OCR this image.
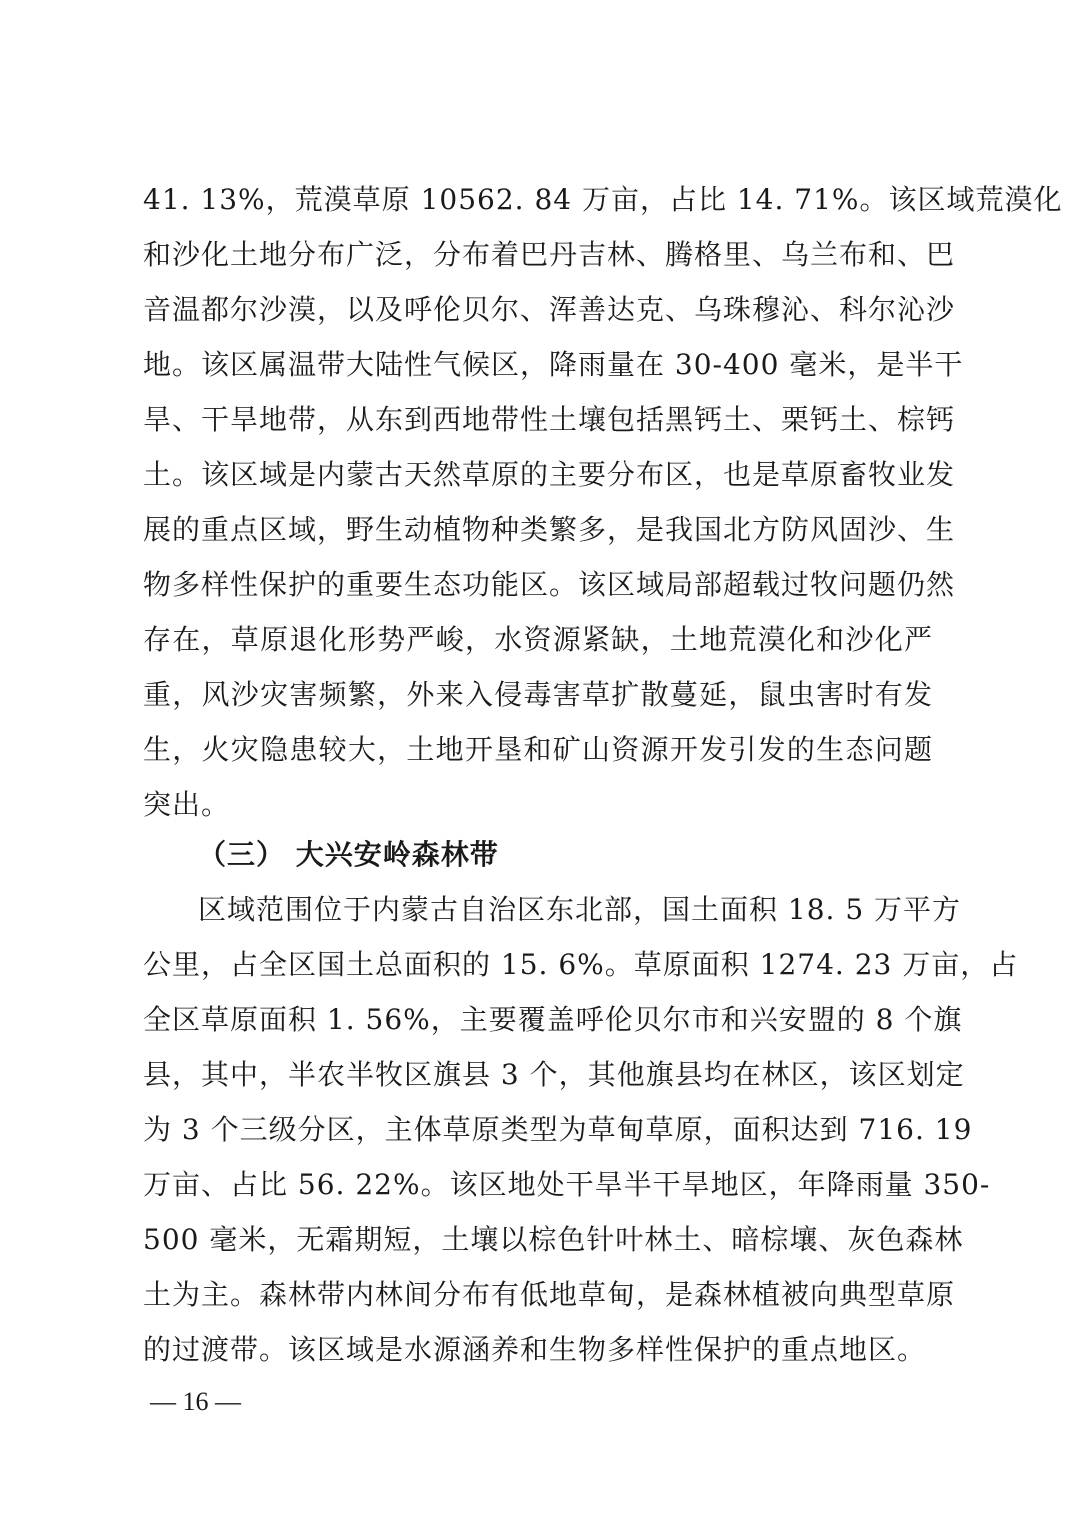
41. 13%，荒漠草原 10562. 84 万亩，占比 14. 71%。该区域荒漠化
和沙化土地分布广泛，分布着巴丹吉林、腾格里、乌兰布和、巴
音温都尔沙漠，以及呼伦贝尔、浑善达克、乌珠穆沁、科尔沁沙
地。该区属温带大陆性气候区，降雨量在 30-400 毫米，是半干
旱、干旱地带，从东到西地带性土壤包括黑钙土、栗钙土、棕钙
土。该区域是内蒙古天然草原的主要分布区，也是草原畜牧业发
展的重点区域，野生动植物种类繁多，是我国北方防风固沙、生
物多样性保护的重要生态功能区。该区域局部超载过牧问题仍然
存在，草原退化形势严峻，水资源紧缺，土地荒漠化和沙化严
重，风沙灾害频繁，外来入侵毒害草扩散蔓延，鼠虫害时有发
生，火灾隐患较大，土地开垦和矿山资源开发引发的生态问题
突出。
（三） 大兴安岭森林带
区域范围位于内蒙古自治区东北部，国土面积 18. 5 万平方
公里，占全区国土总面积的 15. 6%。草原面积 1274. 23 万亩，占
全区草原面积 1. 56%，主要覆盖呼伦贝尔市和兴安盟的 8 个旗
县，其中，半农半牧区旗县 3 个，其他旗县均在林区，该区划定
为 3 个三级分区，主体草原类型为草甸草原，面积达到 716. 19
万亩、占比 56. 22%。该区地处干旱半干旱地区，年降雨量 350-
500 毫米，无霜期短，土壤以棕色针叶林土、暗棕壤、灰色森林
土为主。森林带内林间分布有低地草甸，是森林植被向典型草原
的过渡带。该区域是水源涵养和生物多样性保护的重点地区。
— 16 —
